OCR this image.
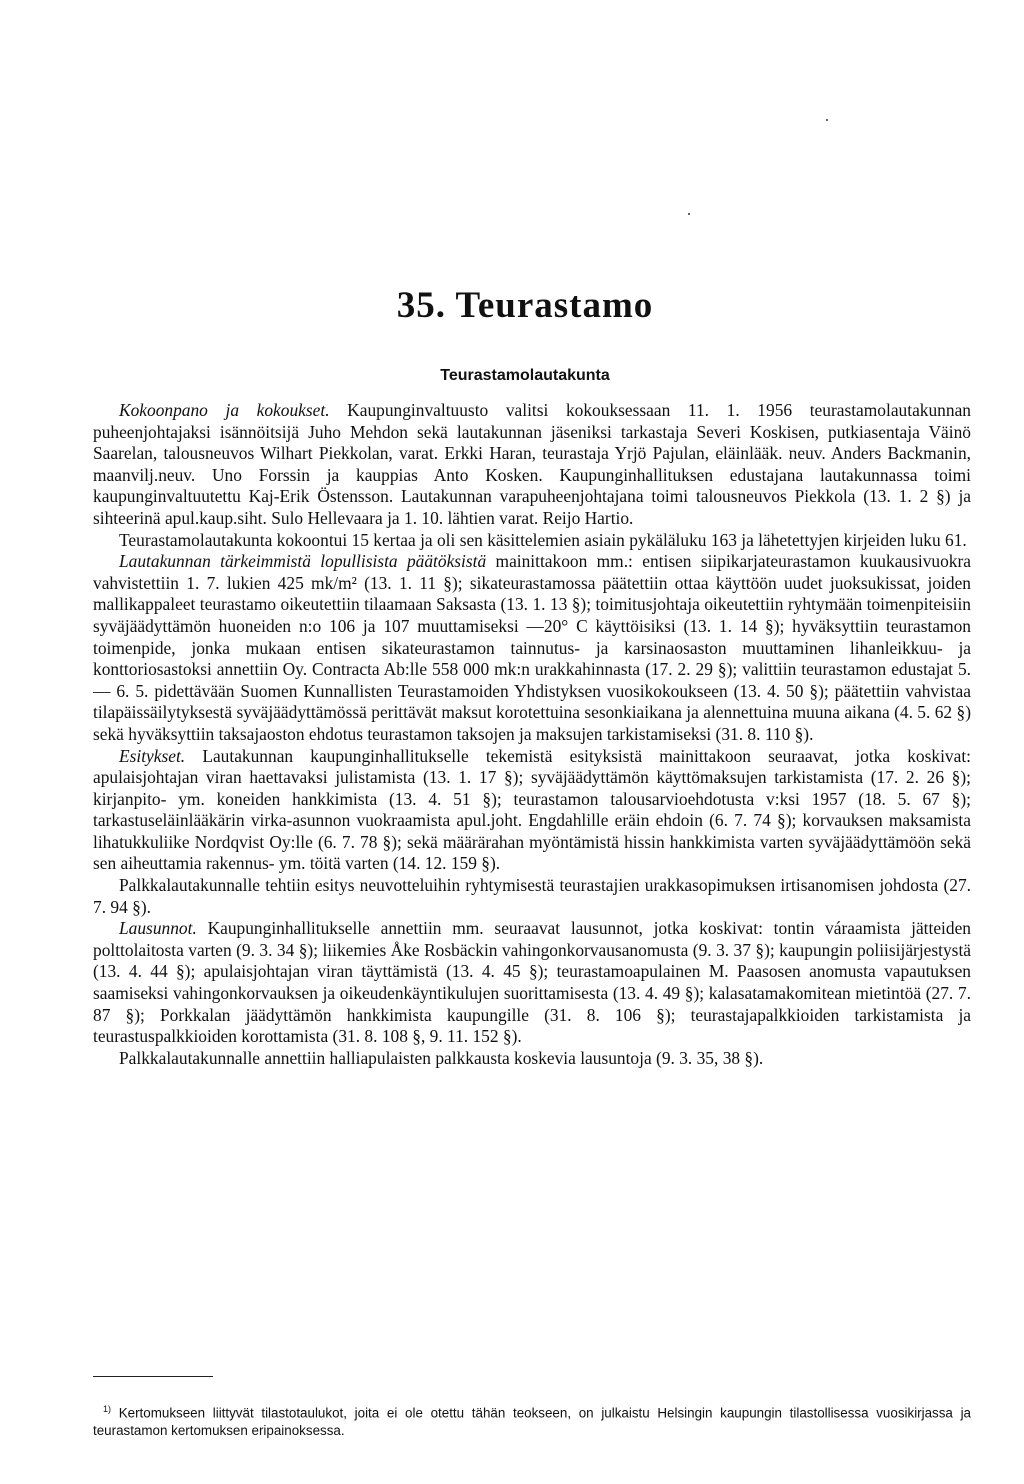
35. Teurastamo
Teurastamolautakunta

Kokoonpano ja kokoukset. Kaupunginvaltuusto valitsi kokouksessaan 11. 1. 1956 teurastamolautakunnan puheenjohtajaksi isännöitsijä Juho Mehdon sekä lautakunnan jäseniksi tarkastaja Severi Koskisen, putkiasentaja Väinö Saarelan, talousneuvos Wilhart Piekkolan, varat. Erkki Haran, teurastaja Yrjö Pajulan, eläinlääk. neuv. Anders Backmanin, maanvilj.neuv. Uno Forssin ja kauppias Anto Kosken. Kaupunginhallituksen edustajana lautakunnassa toimi kaupunginvaltuutettu Kaj-Erik Östensson. Lautakunnan varapuheenjohtajana toimi talousneuvos Piekkola (13. 1. 2 §) ja sihteerinä apul.kaup.siht. Sulo Hellevaara ja 1. 10. lähtien varat. Reijo Hartio.

Teurastamolautakunta kokoontui 15 kertaa ja oli sen käsittelemien asiain pykäläluku 163 ja lähetettyjen kirjeiden luku 61.

Lautakunnan tärkeimmistä lopullisista päätöksistä mainittakoon mm.: entisen siipikarjateurastamon kuukausivuokra vahvistettiin 1. 7. lukien 425 mk/m² (13. 1. 11 §); sikateurastamossa päätettiin ottaa käyttöön uudet juoksukissat, joiden mallikappaleet teurastamo oikeutettiin tilaamaan Saksasta (13. 1. 13 §); toimitusjohtaja oikeutettiin ryhtymään toimenpiteisiin syväjäädyttämön huoneiden n:o 106 ja 107 muuttamiseksi —20° C käyttöisiksi (13. 1. 14 §); hyväksyttiin teurastamon toimenpide, jonka mukaan entisen sikateurastamon tainnutus- ja karsinaosaston muuttaminen lihanleikkuu- ja konttoriosastoksi annettiin Oy. Contracta Ab:lle 558 000 mk:n urakkahinnasta (17. 2. 29 §); valittiin teurastamon edustajat 5. — 6. 5. pidettävään Suomen Kunnallisten Teurastamoiden Yhdistyksen vuosikokoukseen (13. 4. 50 §); päätettiin vahvistaa tilapäissäilytyksestä syväjäädyttämössä perittävät maksut korotettuina sesonkiaikana ja alennettuina muuna aikana (4. 5. 62 §) sekä hyväksyttiin taksajaoston ehdotus teurastamon taksojen ja maksujen tarkistamiseksi (31. 8. 110 §).

Esitykset. Lautakunnan kaupunginhallitukselle tekemistä esityksistä mainittakoon seuraavat, jotka koskivat: apulaisjohtajan viran haettavaksi julistamista (13. 1. 17 §); syväjäädyttämön käyttömaksujen tarkistamista (17. 2. 26 §); kirjanpito- ym. koneiden hankkimista (13. 4. 51 §); teurastamon talousarvioehdotusta v:ksi 1957 (18. 5. 67 §); tarkastuseläinlääkärin virka-asunnon vuokraamista apul.joht. Engdahlille eräin ehdoin (6. 7. 74 §); korvauksen maksamista lihatukkuliike Nordqvist Oy:lle (6. 7. 78 §); sekä määrärahan myöntämistä hissin hankkimista varten syväjäädyttämöön sekä sen aiheuttamia rakennus- ym. töitä varten (14. 12. 159 §).

Palkkalautakunnalle tehtiin esitys neuvotteluihin ryhtymisestä teurastajien urakkasopimuksen irtisanomisen johdosta (27. 7. 94 §).

Lausunnot. Kaupunginhallitukselle annettiin mm. seuraavat lausunnot, jotka koskivat: tontin váraamista jätteiden polttolaitosta varten (9. 3. 34 §); liikemies Åke Rosbäckin vahingonkorvausanomusta (9. 3. 37 §); kaupungin poliisijärjestystä (13. 4. 44 §); apulaisjohtajan viran täyttämistä (13. 4. 45 §); teurastamoapulainen M. Paasosen anomusta vapautuksen saamiseksi vahingonkorvauksen ja oikeudenkäyntikulujen suorittamisesta (13. 4. 49 §); kalasatamakomitean mietintöä (27. 7. 87 §); Porkkalan jäädyttämön hankkimista kaupungille (31. 8. 106 §); teurastajapalkkioiden tarkistamista ja teurastuspalkkioiden korottamista (31. 8. 108 §, 9. 11. 152 §).

Palkkalautakunnalle annettiin halliapulaisten palkkausta koskevia lausuntoja (9. 3. 35, 38 §).

$^{1)}$ Kertomukseen liittyvät tilastotaulukot, joita ei ole otettu tähän teokseen, on julkaistu Helsingin kaupungin tilastollisessa vuosikirjassa ja teurastamon kertomuksen eripainoksessa.
